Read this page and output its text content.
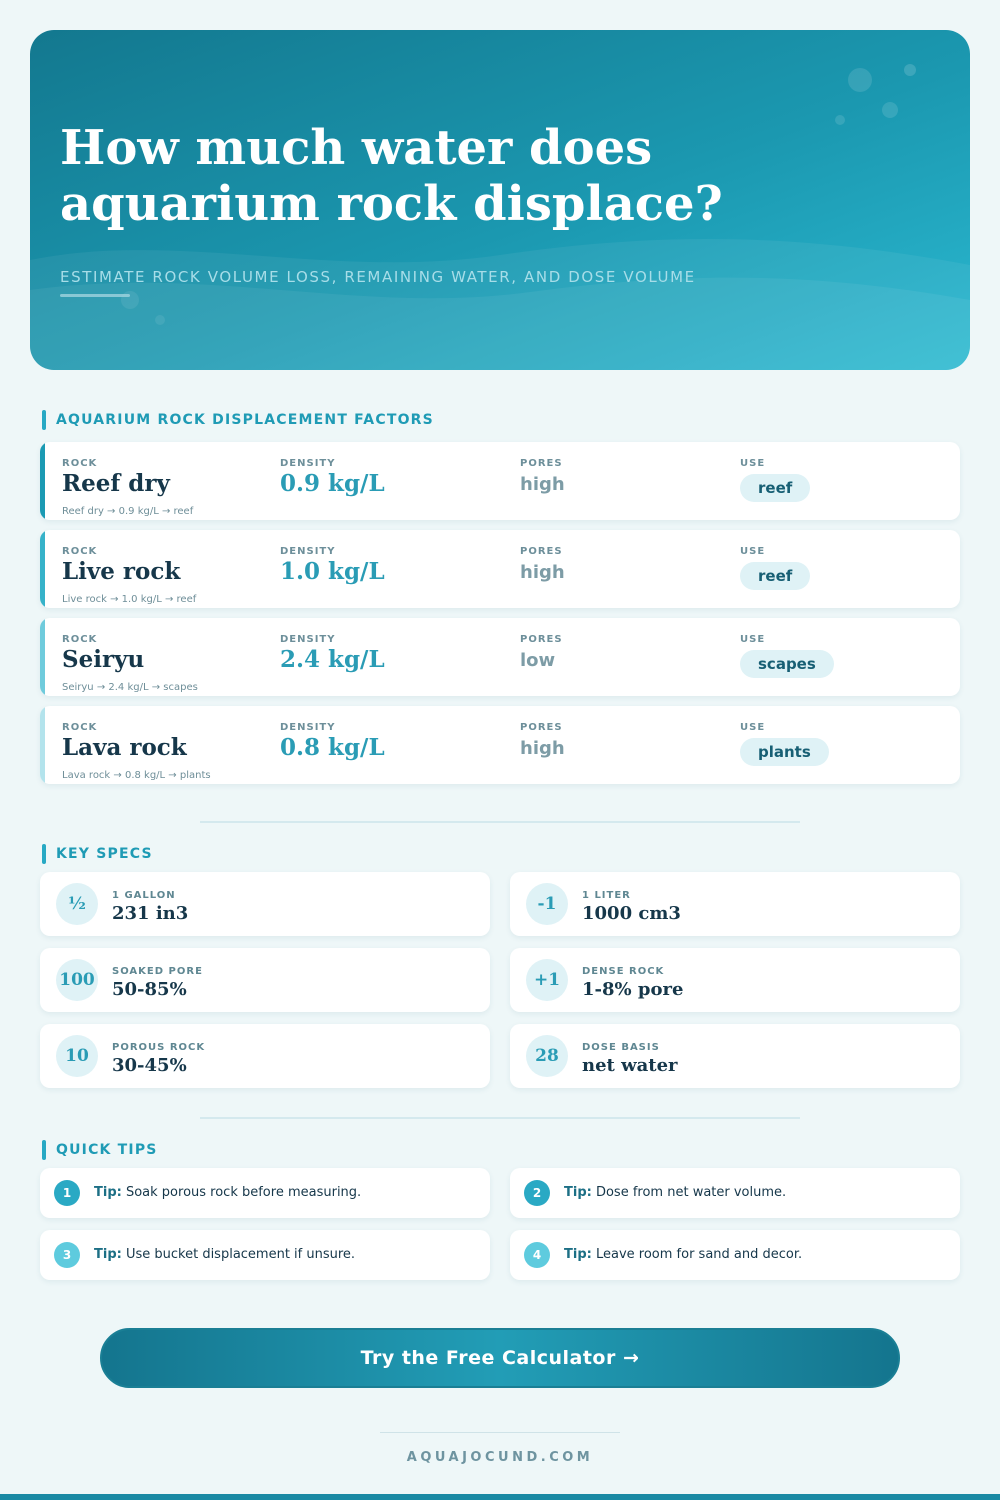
How much water does aquarium rock displace?
ESTIMATE ROCK VOLUME LOSS, REMAINING WATER, AND DOSE VOLUME
AQUARIUM ROCK DISPLACEMENT FACTORS
ROCK	DENSITY	PORES	USE
Reef dry	0.9 kg/L	high	reef
Reef dry → 0.9 kg/L → reef
ROCK	DENSITY	PORES	USE
Live rock	1.0 kg/L	high	reef
Live rock → 1.0 kg/L → reef
ROCK	DENSITY	PORES	USE
Seiryu	2.4 kg/L	low	scapes
Seiryu → 2.4 kg/L → scapes
ROCK	DENSITY	PORES	USE
Lava rock	0.8 kg/L	high	plants
Lava rock → 0.8 kg/L → plants
KEY SPECS
½	1 GALLON
231 in3	-1	1 LITER
1000 cm3
100	SOAKED PORE
50-85%	+1	DENSE ROCK
1-8% pore
10	POROUS ROCK
30-45%	28	DOSE BASIS
net water
QUICK TIPS
1	Tip: Soak porous rock before measuring.	2	Tip: Dose from net water volume.
3	Tip: Use bucket displacement if unsure.	4	Tip: Leave room for sand and decor.
Try the Free Calculator →
AQUAJOCUND.COM
